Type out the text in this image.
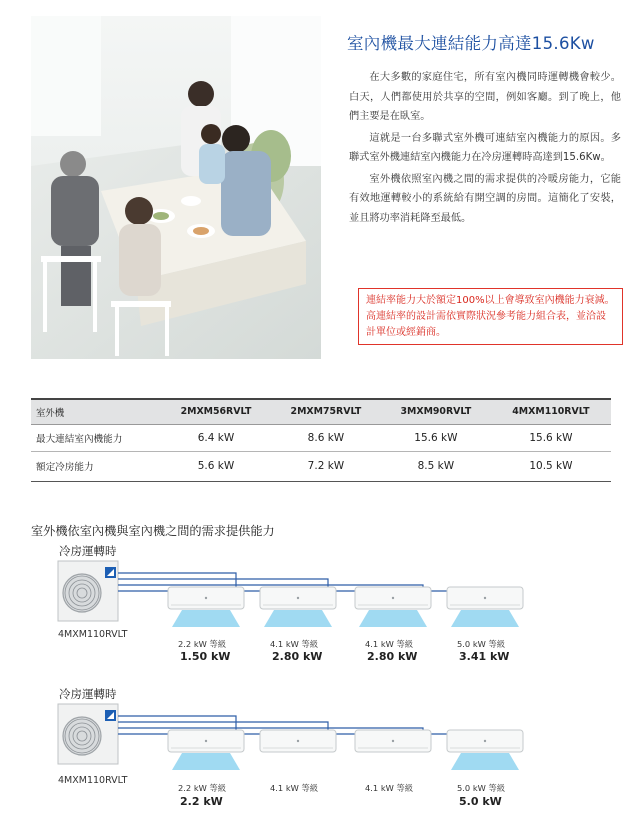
室內機最大連結能力高達15.6Kw

在大多數的家庭住宅，所有室內機同時運轉機會較少。白天，人們都使用於共享的空間，例如客廳。到了晚上，他們主要是在臥室。

這就是一台多聯式室外機可連結室內機能力的原因。多聯式室外機連結室內機能力在冷房運轉時高達到15.6Kw。

室外機依照室內機之間的需求提供的冷暖房能力，它能有效地運轉較小的系統給有開空調的房間。這簡化了安裝，並且將功率消耗降至最低。

連結率能力大於額定100%以上會導致室內機能力衰減。高連結率的設計需依實際狀況參考能力組合表，並洽設計單位或經銷商。
室外機	2MXM56RVLT	2MXM75RVLT	3MXM90RVLT	4MXM110RVLT
最大連結室內機能力	6.4 kW	8.6 kW	15.6 kW	15.6 kW
額定冷房能力	5.6 kW	7.2 kW	8.5 kW	10.5 kW
室外機依室內機與室內機之間的需求提供能力
冷房運轉時
冷房運轉時
4MXM110RVLT
2.2 kW 等級
1.50 kW
4.1 kW 等級
2.80 kW
4.1 kW 等級
2.80 kW
5.0 kW 等級
3.41 kW
4MXM110RVLT
2.2 kW 等級
2.2 kW
4.1 kW 等級	4.1 kW 等級	5.0 kW 等級
5.0 kW
